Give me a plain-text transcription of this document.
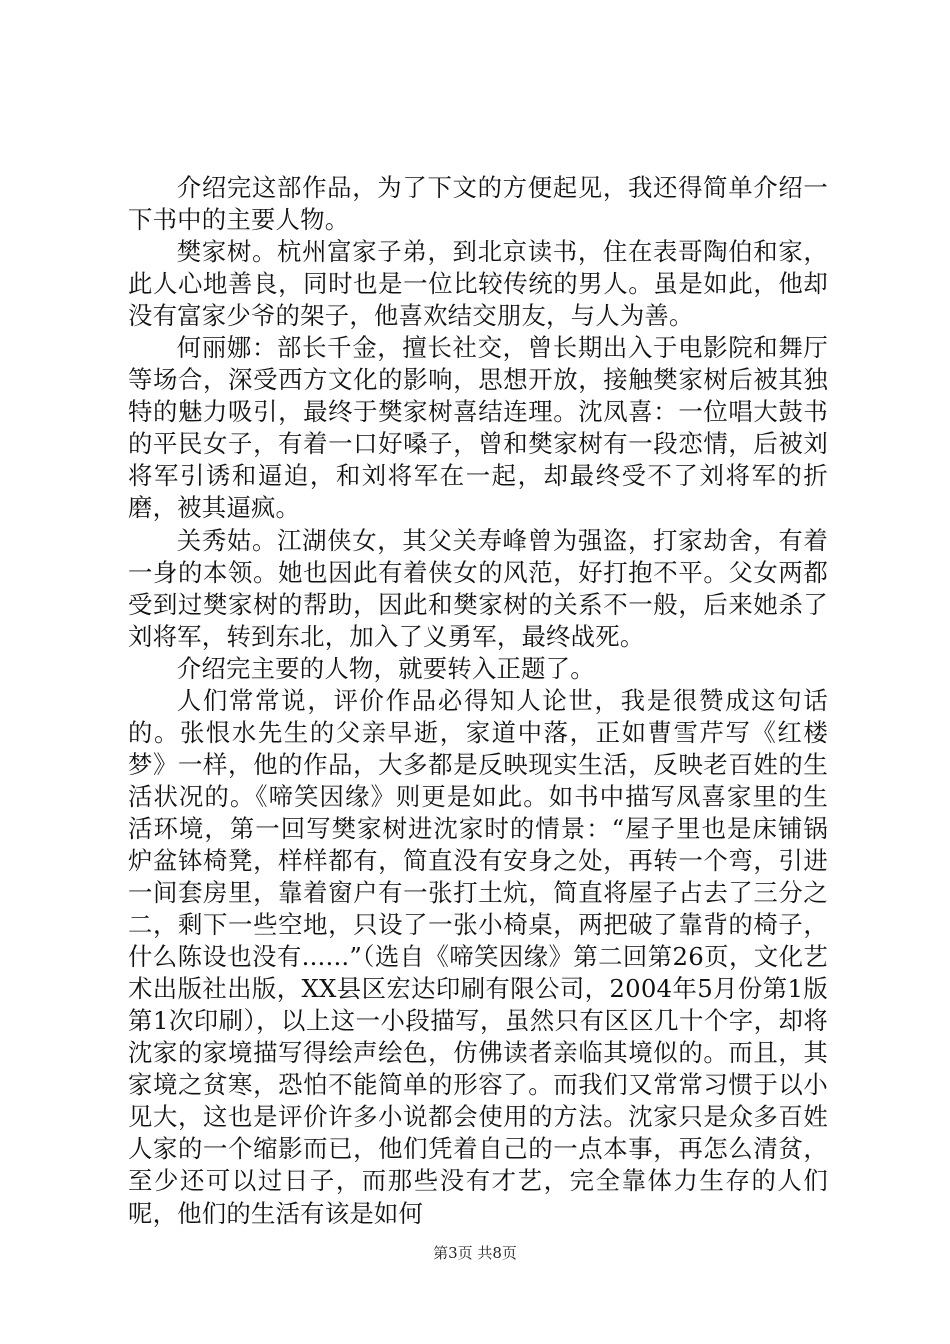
介绍完这部作品，为了下文的方便起见，我还得简单介绍一下书中的主要人物。

樊家树。杭州富家子弟，到北京读书，住在表哥陶伯和家，此人心地善良，同时也是一位比较传统的男人。虽是如此，他却没有富家少爷的架子，他喜欢结交朋友，与人为善。

何丽娜：部长千金，擅长社交，曾长期出入于电影院和舞厅等场合，深受西方文化的影响，思想开放，接触樊家树后被其独特的魅力吸引，最终于樊家树喜结连理。沈凤喜：一位唱大鼓书的平民女子，有着一口好嗓子，曾和樊家树有一段恋情，后被刘将军引诱和逼迫，和刘将军在一起，却最终受不了刘将军的折磨，被其逼疯。

关秀姑。江湖侠女，其父关寿峰曾为强盗，打家劫舍，有着一身的本领。她也因此有着侠女的风范，好打抱不平。父女两都受到过樊家树的帮助，因此和樊家树的关系不一般，后来她杀了刘将军，转到东北，加入了义勇军，最终战死。

介绍完主要的人物，就要转入正题了。

人们常常说，评价作品必得知人论世，我是很赞成这句话的。张恨水先生的父亲早逝，家道中落，正如曹雪芹写《红楼梦》一样，他的作品，大多都是反映现实生活，反映老百姓的生活状况的。《啼笑因缘》则更是如此。如书中描写凤喜家里的生活环境，第一回写樊家树进沈家时的情景：“屋子里也是床铺锅炉盆钵椅凳，样样都有，简直没有安身之处，再转一个弯，引进一间套房里，靠着窗户有一张打土炕，简直将屋子占去了三分之二，剩下一些空地，只设了一张小椅桌，两把破了靠背的椅子，什么陈设也没有......”（选自《啼笑因缘》第二回第26页，文化艺术出版社出版，XX县区宏达印刷有限公司，2004年5月份第1版第1次印刷），以上这一小段描写，虽然只有区区几十个字，却将沈家的家境描写得绘声绘色，仿佛读者亲临其境似的。而且，其家境之贫寒，恐怕不能简单的形容了。而我们又常常习惯于以小见大，这也是评价许多小说都会使用的方法。沈家只是众多百姓人家的一个缩影而已，他们凭着自己的一点本事，再怎么清贫，至少还可以过日子，而那些没有才艺，完全靠体力生存的人们呢，他们的生活有该是如何

第3页 共8页
